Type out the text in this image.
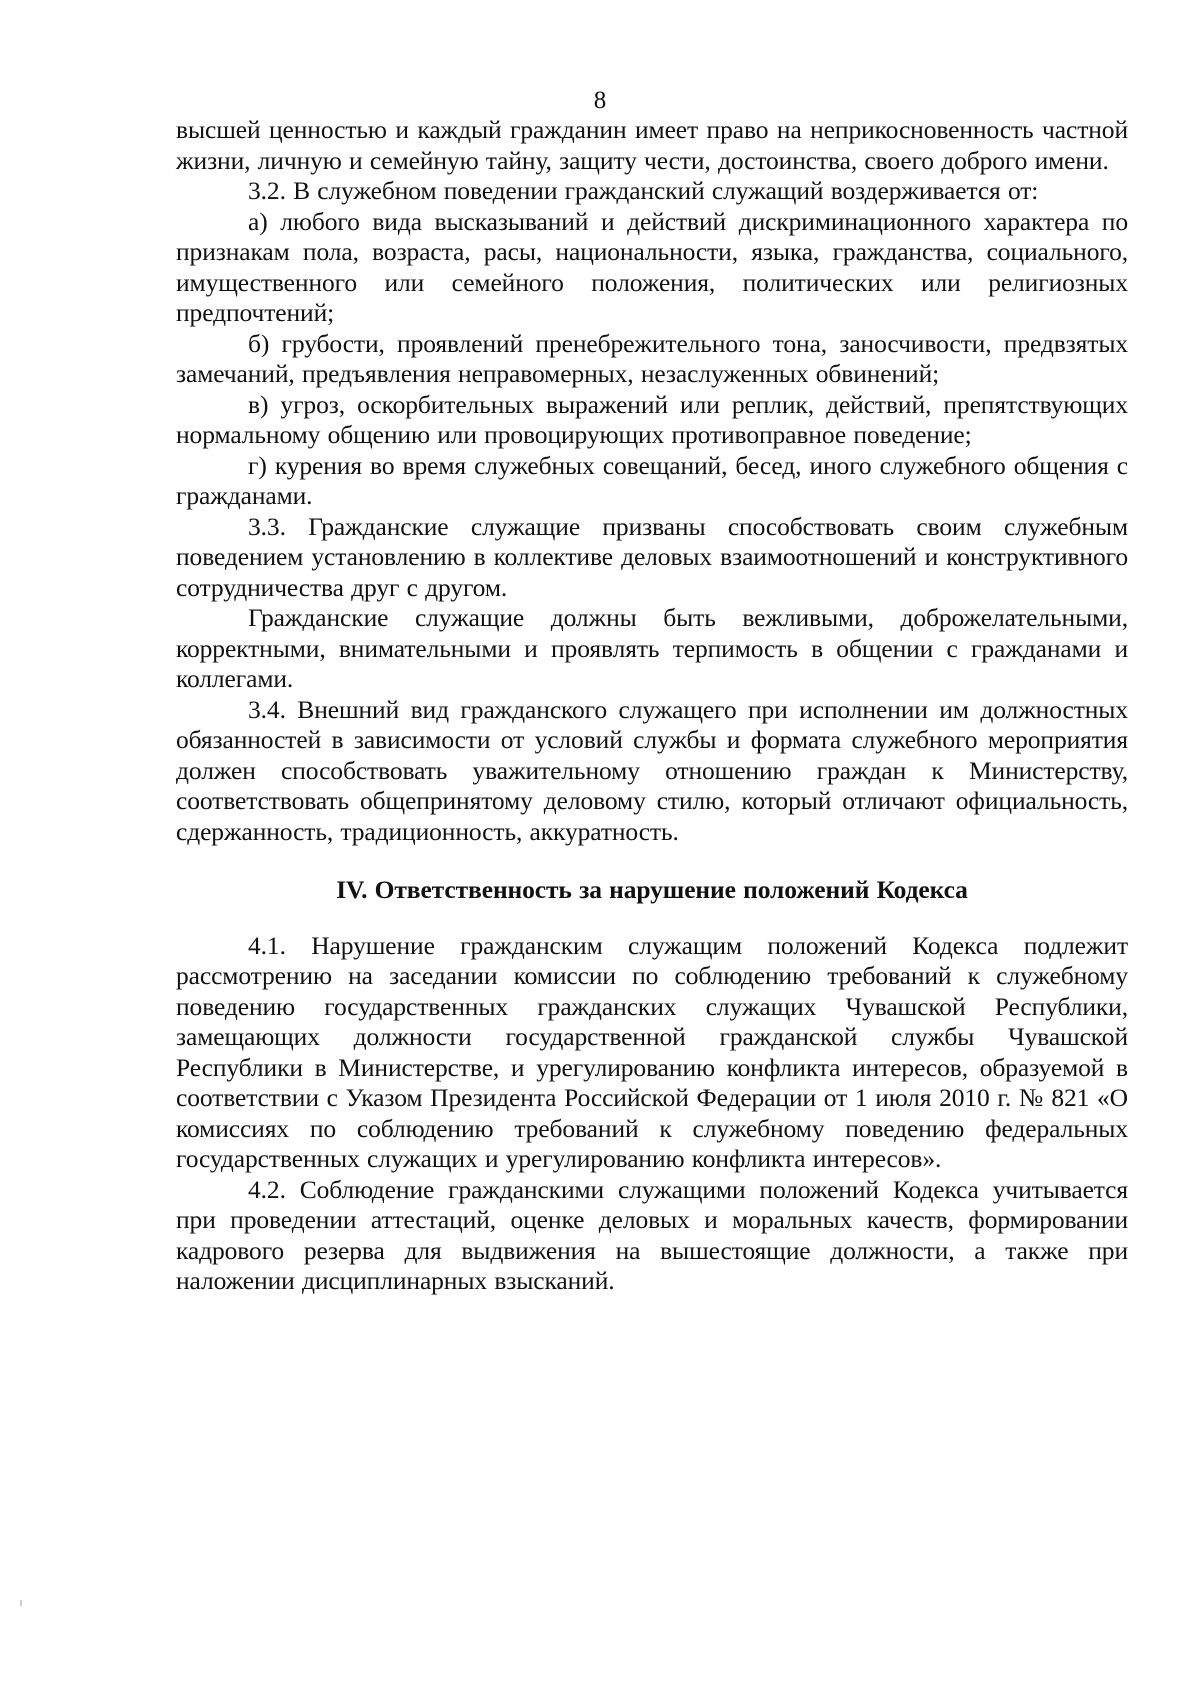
8

высшей ценностью и каждый гражданин имеет право на неприкосновенность частной жизни, личную и семейную тайну, защиту чести, достоинства, своего доброго имени.

3.2. В служебном поведении гражданский служащий воздерживается от:

а) любого вида высказываний и действий дискриминационного характера по признакам пола, возраста, расы, национальности, языка, гражданства, социального, имущественного или семейного положения, политических или религиозных предпочтений;

б) грубости, проявлений пренебрежительного тона, заносчивости, предвзятых замечаний, предъявления неправомерных, незаслуженных обвинений;

в) угроз, оскорбительных выражений или реплик, действий, препятствующих нормальному общению или провоцирующих противоправное поведение;

г) курения во время служебных совещаний, бесед, иного служебного общения с гражданами.

3.3. Гражданские служащие призваны способствовать своим служебным поведением установлению в коллективе деловых взаимоотношений и конструктивного сотрудничества друг с другом.

Гражданские служащие должны быть вежливыми, доброжелательными, корректными, внимательными и проявлять терпимость в общении с гражданами и коллегами.

3.4. Внешний вид гражданского служащего при исполнении им должностных обязанностей в зависимости от условий службы и формата служебного мероприятия должен способствовать уважительному отношению граждан к Министерству, соответствовать общепринятому деловому стилю, который отличают официальность, сдержанность, традиционность, аккуратность.

IV. Ответственность за нарушение положений Кодекса

4.1. Нарушение гражданским служащим положений Кодекса подлежит рассмотрению на заседании комиссии по соблюдению требований к служебному поведению государственных гражданских служащих Чувашской Республики, замещающих должности государственной гражданской службы Чувашской Республики в Министерстве, и урегулированию конфликта интересов, образуемой в соответствии с Указом Президента Российской Федерации от 1 июля 2010 г. № 821 «О комиссиях по соблюдению требований к служебному поведению федеральных государственных служащих и урегулированию конфликта интересов».

4.2. Соблюдение гражданскими служащими положений Кодекса учитывается при проведении аттестаций, оценке деловых и моральных качеств, формировании кадрового резерва для выдвижения на вышестоящие должности, а также при наложении дисциплинарных взысканий.
